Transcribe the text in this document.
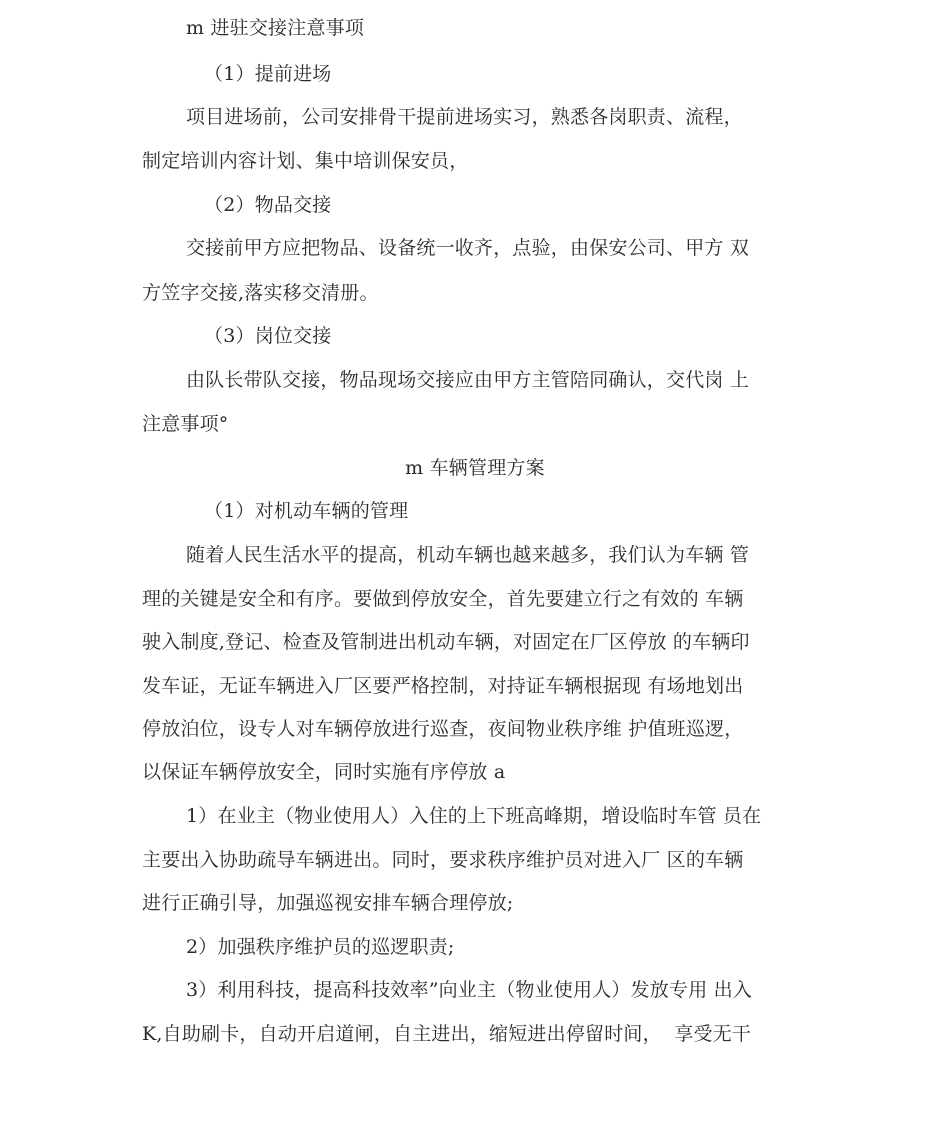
m 进驻交接注意事项
（1）提前进场
项目进场前，公司安排骨干提前进场实习，熟悉各岗职责、流程，
制定培训内容计划、集中培训保安员，
（2）物品交接
交接前甲方应把物品、设备统一收齐，点验，由保安公司、甲方 双
方笠字交接,落实移交清册。
（3）岗位交接
由队长带队交接，物品现场交接应由甲方主管陪同确认，交代岗 上
注意事项°
m 车辆管理方案
（1）对机动车辆的管理
随着人民生活水平的提高，机动车辆也越来越多，我们认为车辆 管
理的关键是安全和有序。要做到停放安全，首先要建立行之有效的 车辆
驶入制度,登记、检查及管制进出机动车辆，对固定在厂区停放 的车辆印
发车证，无证车辆进入厂区要严格控制，对持证车辆根据现 有场地划出
停放泊位，设专人对车辆停放进行巡查，夜间物业秩序维 护值班巡逻，
以保证车辆停放安全，同时实施有序停放 a
1）在业主（物业使用人）入住的上下班高峰期，增设临时车管 员在
主要出入协助疏导车辆进出。同时，要求秩序维护员对进入厂 区的车辆
进行正确引导，加强巡视安排车辆合理停放;
2）加强秩序维护员的巡逻职责;
3）利用科技，提高科技效率”向业主（物业使用人）发放专用 出入
K,自助刷卡，自动开启道闸，自主进出，缩短进出停留时间，  享受无干
